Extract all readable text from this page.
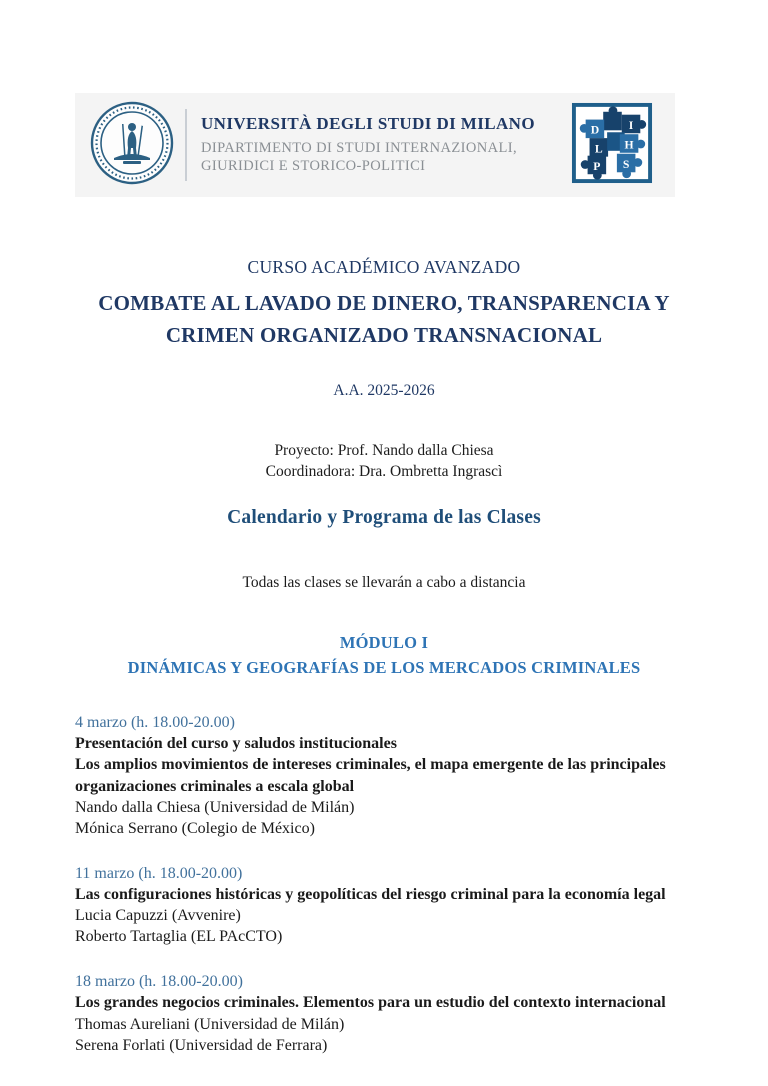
UNIVERSITÀ DEGLI STUDI DI MILANO
DIPARTIMENTO DI STUDI INTERNAZIONALI,
GIURIDICI E STORICO-POLITICI
D I
L H
P S
CURSO ACADÉMICO AVANZADO
COMBATE AL LAVADO DE DINERO, TRANSPARENCIA Y
CRIMEN ORGANIZADO TRANSNACIONAL
A.A. 2025-2026
Proyecto: Prof. Nando dalla Chiesa
Coordinadora: Dra. Ombretta Ingrascì
Calendario y Programa de las Clases
Todas las clases se llevarán a cabo a distancia
MÓDULO I
DINÁMICAS Y GEOGRAFÍAS DE LOS MERCADOS CRIMINALES
4 marzo (h. 18.00-20.00)
Presentación del curso y saludos institucionales
Los amplios movimientos de intereses criminales, el mapa emergente de las principales organizaciones criminales a escala global
Nando dalla Chiesa (Universidad de Milán)
Mónica Serrano (Colegio de México)
11 marzo (h. 18.00-20.00)
Las configuraciones históricas y geopolíticas del riesgo criminal para la economía legal
Lucia Capuzzi (Avvenire)
Roberto Tartaglia (EL PAcCTO)
18 marzo (h. 18.00-20.00)
Los grandes negocios criminales. Elementos para un estudio del contexto internacional
Thomas Aureliani (Universidad de Milán)
Serena Forlati (Universidad de Ferrara)
